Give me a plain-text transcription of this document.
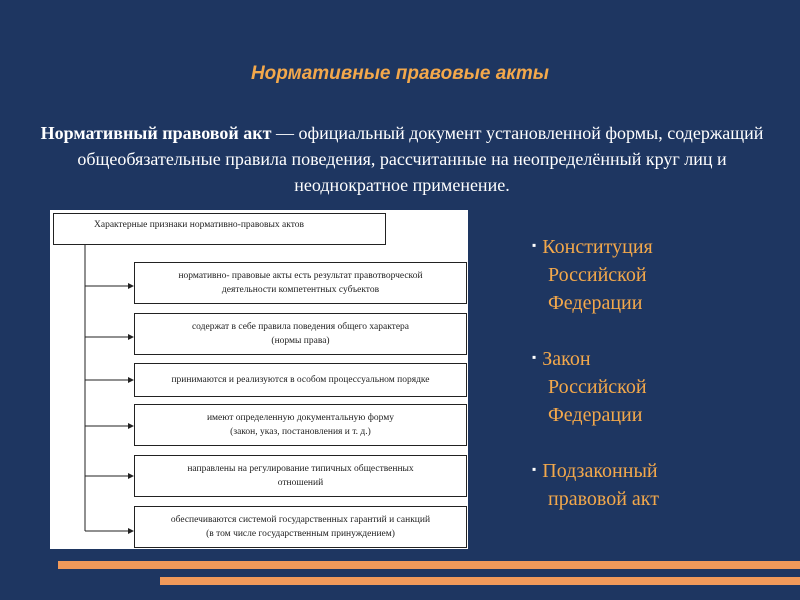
Нормативные правовые акты
Нормативный правовой акт — официальный документ установленной формы, содержащий общеобязательные правила поведения, рассчитанные на неопределённый круг лиц и неоднократное применение.
Характерные признаки нормативно-правовых актов
нормативно- правовые акты есть результат правотворческой
деятельности компетентных субъектов
содержат в себе правила поведения общего характера
(нормы права)
принимаются и реализуются в особом процессуальном порядке
имеют определенную документальную форму
(закон, указ, постановления и т. д.)
направлены на регулирование типичных общественных
отношений
обеспечиваются системой государственных гарантий и санкций
(в том числе государственным принуждением)
▪ Конституция
Российской
Федерации
▪ Закон
Российской
Федерации
▪ Подзаконный
правовой акт
